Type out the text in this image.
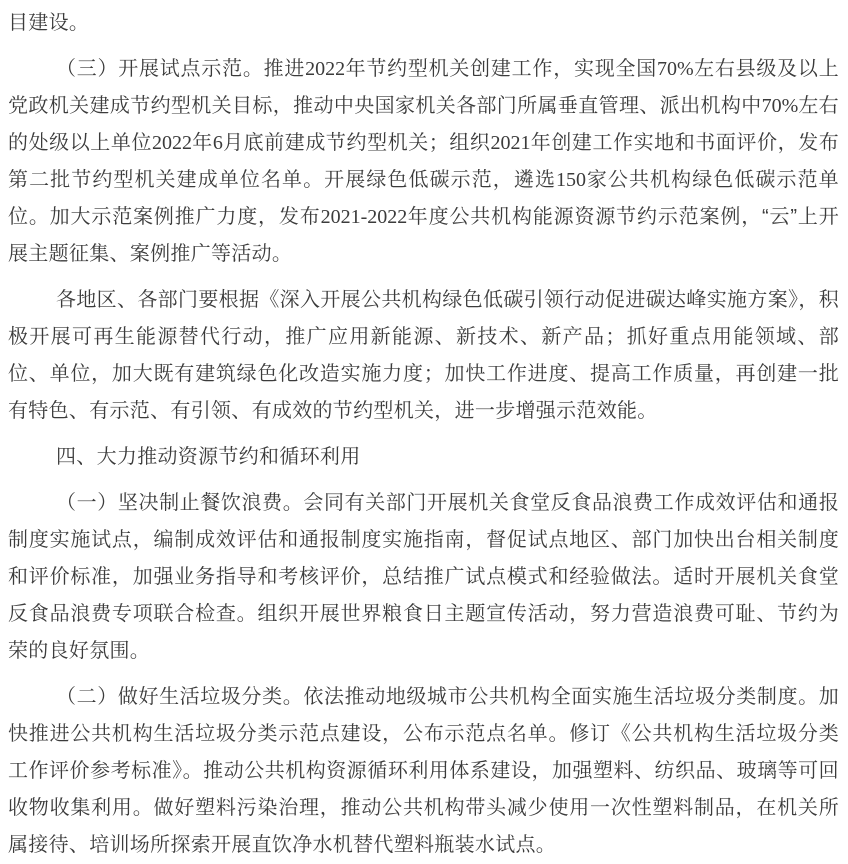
目建设。

（三）开展试点示范。推进2022年节约型机关创建工作，实现全国70%左右县级及以上党政机关建成节约型机关目标，推动中央国家机关各部门所属垂直管理、派出机构中70%左右的处级以上单位2022年6月底前建成节约型机关；组织2021年创建工作实地和书面评价，发布第二批节约型机关建成单位名单。开展绿色低碳示范，遴选150家公共机构绿色低碳示范单位。加大示范案例推广力度，发布2021-2022年度公共机构能源资源节约示范案例，“云”上开展主题征集、案例推广等活动。

各地区、各部门要根据《深入开展公共机构绿色低碳引领行动促进碳达峰实施方案》，积极开展可再生能源替代行动，推广应用新能源、新技术、新产品；抓好重点用能领域、部位、单位，加大既有建筑绿色化改造实施力度；加快工作进度、提高工作质量，再创建一批有特色、有示范、有引领、有成效的节约型机关，进一步增强示范效能。

四、大力推动资源节约和循环利用

（一）坚决制止餐饮浪费。会同有关部门开展机关食堂反食品浪费工作成效评估和通报制度实施试点，编制成效评估和通报制度实施指南，督促试点地区、部门加快出台相关制度和评价标准，加强业务指导和考核评价，总结推广试点模式和经验做法。适时开展机关食堂反食品浪费专项联合检查。组织开展世界粮食日主题宣传活动，努力营造浪费可耻、节约为荣的良好氛围。

（二）做好生活垃圾分类。依法推动地级城市公共机构全面实施生活垃圾分类制度。加快推进公共机构生活垃圾分类示范点建设，公布示范点名单。修订《公共机构生活垃圾分类工作评价参考标准》。推动公共机构资源循环利用体系建设，加强塑料、纺织品、玻璃等可回收物收集利用。做好塑料污染治理，推动公共机构带头减少使用一次性塑料制品，在机关所属接待、培训场所探索开展直饮净水机替代塑料瓶装水试点。
